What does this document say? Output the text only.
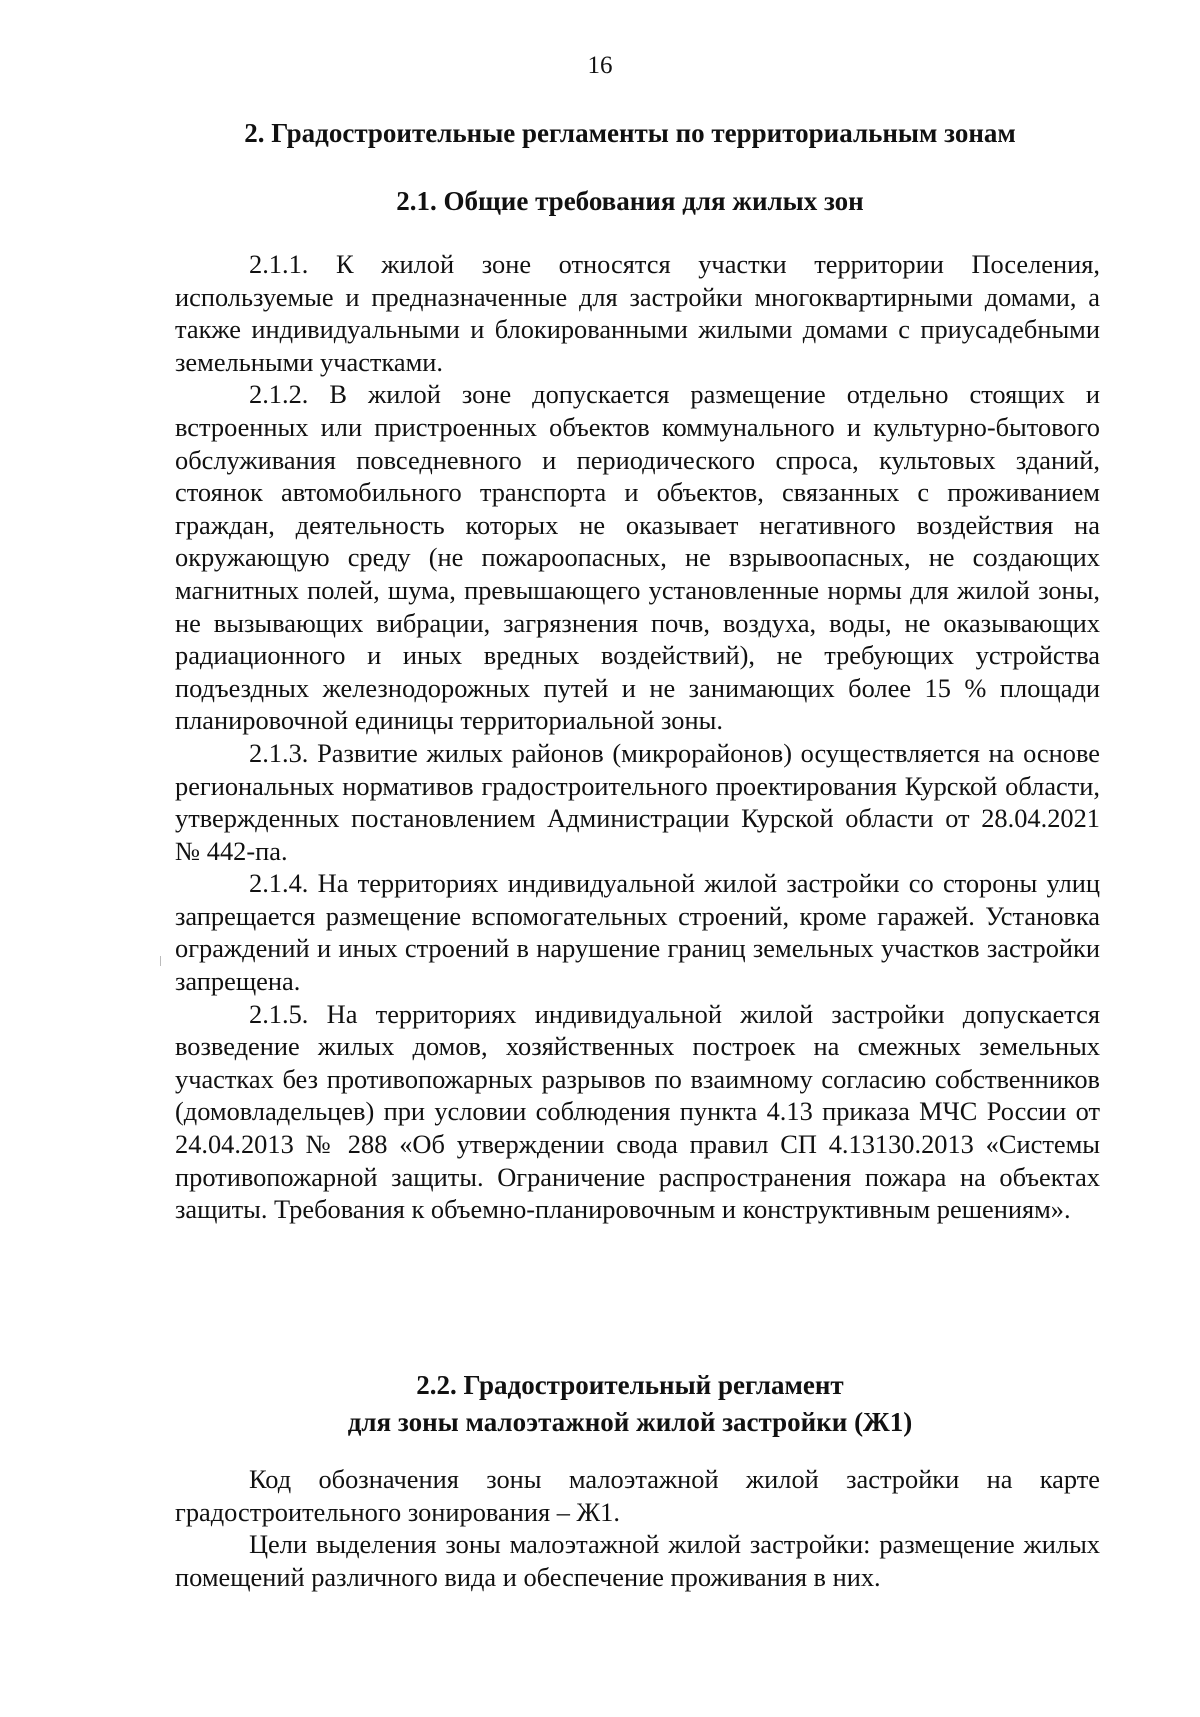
16
2. Градостроительные регламенты по территориальным зонам
2.1. Общие требования для жилых зон

2.1.1. К жилой зоне относятся участки территории Поселения, используемые и предназначенные для застройки многоквартирными домами, а также индивидуальными и блокированными жилыми домами с приусадебными земельными участками.

2.1.2. В жилой зоне допускается размещение отдельно стоящих и встроенных или пристроенных объектов коммунального и культурно-бытового обслуживания повседневного и периодического спроса, культовых зданий, стоянок автомобильного транспорта и объектов, связанных с проживанием граждан, деятельность которых не оказывает негативного воздействия на окружающую среду (не пожароопасных, не взрывоопасных, не создающих магнитных полей, шума, превышающего установленные нормы для жилой зоны, не вызывающих вибрации, загрязнения почв, воздуха, воды, не оказывающих радиационного и иных вредных воздействий), не требующих устройства подъездных железнодорожных путей и не занимающих более 15 % площади планировочной единицы территориальной зоны.

2.1.3. Развитие жилых районов (микрорайонов) осуществляется на основе региональных нормативов градостроительного проектирования Курской области, утвержденных постановлением Администрации Курской области от 28.04.2021 № 442-па.

2.1.4. На территориях индивидуальной жилой застройки со стороны улиц запрещается размещение вспомогательных строений, кроме гаражей. Установка ограждений и иных строений в нарушение границ земельных участков застройки запрещена.

2.1.5. На территориях индивидуальной жилой застройки допускается возведение жилых домов, хозяйственных построек на смежных земельных участках без противопожарных разрывов по взаимному согласию собственников (домовладельцев) при условии соблюдения пункта 4.13 приказа МЧС России от 24.04.2013 № 288 «Об утверждении свода правил СП 4.13130.2013 «Системы противопожарной защиты. Ограничение распространения пожара на объектах защиты. Требования к объемно-планировочным и конструктивным решениям».

2.2. Градостроительный регламент
для зоны малоэтажной жилой застройки (Ж1)

Код обозначения зоны малоэтажной жилой застройки на карте градостроительного зонирования – Ж1.

Цели выделения зоны малоэтажной жилой застройки: размещение жилых помещений различного вида и обеспечение проживания в них.
